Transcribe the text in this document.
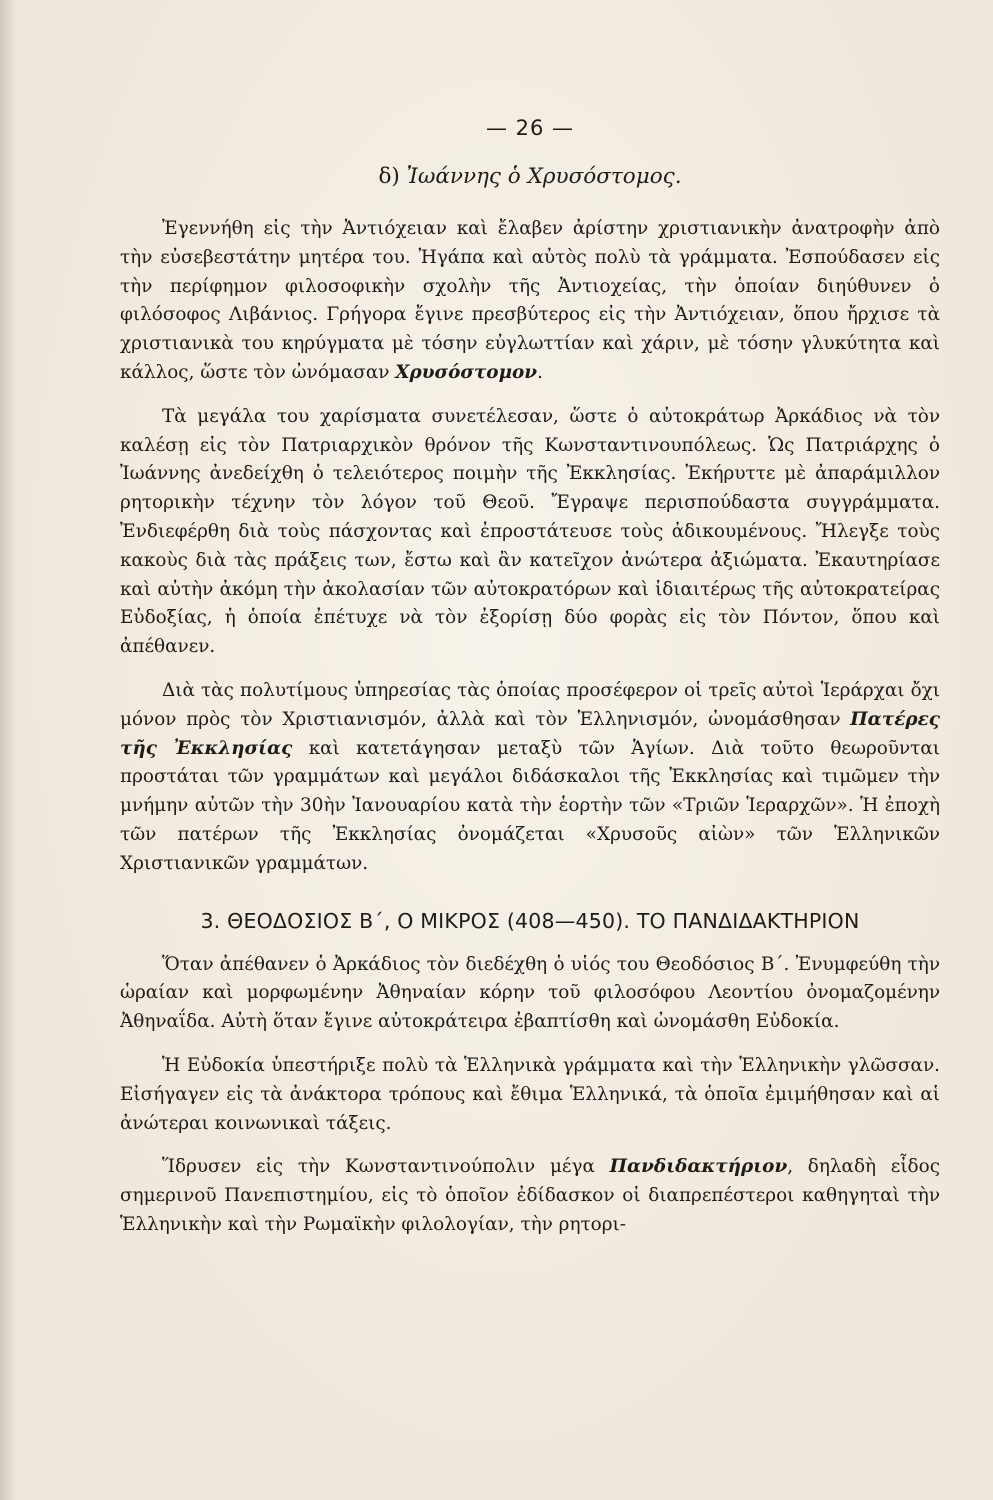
— 26 —
δ) Ἰωάννης ὁ Χρυσόστομος.

Ἐγεννήθη εἰς τὴν Ἀντιόχειαν καὶ ἔλαβεν ἀρίστην χριστιανικὴν ἀνατροφὴν ἀπὸ τὴν εὐσεβεστάτην μητέρα του. Ἠγάπα καὶ αὐτὸς πολὺ τὰ γράμματα. Ἐσπούδασεν εἰς τὴν περίφημον φιλοσοφικὴν σχολὴν τῆς Ἀντιοχείας, τὴν ὁποίαν διηύθυνεν ὁ φιλόσοφος Λιβάνιος. Γρήγορα ἔγινε πρεσβύτερος εἰς τὴν Ἀντιόχειαν, ὅπου ἤρχισε τὰ χριστιανικὰ του κηρύγματα μὲ τόσην εὐγλωττίαν καὶ χάριν, μὲ τόσην γλυκύτητα καὶ κάλλος, ὥστε τὸν ὠνόμασαν Χρυσόστομον.

Τὰ μεγάλα του χαρίσματα συνετέλεσαν, ὥστε ὁ αὐτοκράτωρ Ἀρκάδιος νὰ τὸν καλέσῃ εἰς τὸν Πατριαρχικὸν θρόνον τῆς Κωνσταντινουπόλεως. Ὡς Πατριάρχης ὁ Ἰωάννης ἀνεδείχθη ὁ τελειότερος ποιμὴν τῆς Ἐκκλησίας. Ἐκήρυττε μὲ ἀπαράμιλλον ρητορικὴν τέχνην τὸν λόγον τοῦ Θεοῦ. Ἔγραψε περισπούδαστα συγγράμματα. Ἐνδιεφέρθη διὰ τοὺς πάσχοντας καὶ ἐπροστάτευσε τοὺς ἀδικουμένους. Ἤλεγξε τοὺς κακοὺς διὰ τὰς πράξεις των, ἔστω καὶ ἂν κατεῖχον ἀνώτερα ἀξιώματα. Ἐκαυτηρίασε καὶ αὐτὴν ἀκόμη τὴν ἀκολασίαν τῶν αὐτοκρατόρων καὶ ἰδιαιτέρως τῆς αὐτοκρατείρας Εὐδοξίας, ἡ ὁποία ἐπέτυχε νὰ τὸν ἐξορίσῃ δύο φορὰς εἰς τὸν Πόντον, ὅπου καὶ ἀπέθανεν.

Διὰ τὰς πολυτίμους ὑπηρεσίας τὰς ὁποίας προσέφερον οἱ τρεῖς αὐτοὶ Ἱεράρχαι ὄχι μόνον πρὸς τὸν Χριστιανισμόν, ἀλλὰ καὶ τὸν Ἑλληνισμόν, ὠνομάσθησαν Πατέρες τῆς Ἐκκλησίας καὶ κατετάγησαν μεταξὺ τῶν Ἁγίων. Διὰ τοῦτο θεωροῦνται προστάται τῶν γραμμάτων καὶ μεγάλοι διδάσκαλοι τῆς Ἐκκλησίας καὶ τιμῶμεν τὴν μνήμην αὐτῶν τὴν 30ὴν Ἰανουαρίου κατὰ τὴν ἑορτὴν τῶν «Τριῶν Ἱεραρχῶν». Ἡ ἐποχὴ τῶν πατέρων τῆς Ἐκκλησίας ὀνομάζεται «Χρυσοῦς αἰὼν» τῶν Ἑλληνικῶν Χριστιανικῶν γραμμάτων.

3. ΘΕΟΔΟΣΙΟΣ Β΄, Ο ΜΙΚΡΟΣ (408—450). ΤΟ ΠΑΝΔΙΔΑΚΤΗΡΙΟΝ

Ὅταν ἀπέθανεν ὁ Ἀρκάδιος τὸν διεδέχθη ὁ υἱός του Θεοδόσιος Β΄. Ἐνυμφεύθη τὴν ὡραίαν καὶ μορφωμένην Ἀθηναίαν κόρην τοῦ φιλοσόφου Λεοντίου ὀνομαζομένην Ἀθηναΐδα. Αὐτὴ ὅταν ἔγινε αὐτοκράτειρα ἐβαπτίσθη καὶ ὠνομάσθη Εὐδοκία.

Ἡ Εὐδοκία ὑπεστήριξε πολὺ τὰ Ἑλληνικὰ γράμματα καὶ τὴν Ἑλληνικὴν γλῶσσαν. Εἰσήγαγεν εἰς τὰ ἀνάκτορα τρόπους καὶ ἔθιμα Ἑλληνικά, τὰ ὁποῖα ἐμιμήθησαν καὶ αἱ ἀνώτεραι κοινωνικαὶ τάξεις.

Ἵδρυσεν εἰς τὴν Κωνσταντινούπολιν μέγα Πανδιδακτήριον, δηλαδὴ εἶδος σημερινοῦ Πανεπιστημίου, εἰς τὸ ὁποῖον ἐδίδασκον οἱ διαπρεπέστεροι καθηγηταὶ τὴν Ἑλληνικὴν καὶ τὴν Ρωμαϊκὴν φιλολογίαν, τὴν ρητορι-
